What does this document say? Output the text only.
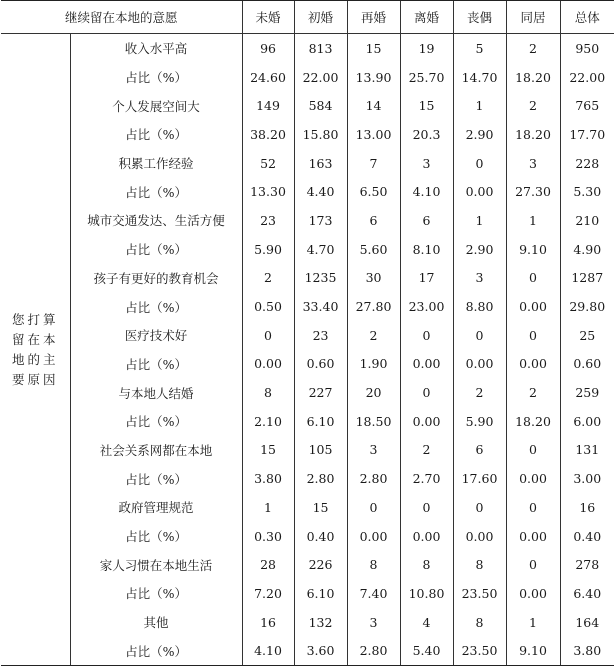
继续留在本地的意愿		未婚	初婚	再婚	离婚	丧偶	同居	总体
您打算留在本地的主要原因	收入水平高	96	813	15	19	5	2	950
	占比（%）	24.60	22.00	13.90	25.70	14.70	18.20	22.00
	个人发展空间大	149	584	14	15	1	2	765
	占比（%）	38.20	15.80	13.00	20.3	2.90	18.20	17.70
	积累工作经验	52	163	7	3	0	3	228
	占比（%）	13.30	4.40	6.50	4.10	0.00	27.30	5.30
	城市交通发达、生活方便	23	173	6	6	1	1	210
	占比（%）	5.90	4.70	5.60	8.10	2.90	9.10	4.90
	孩子有更好的教育机会	2	1235	30	17	3	0	1287
	占比（%）	0.50	33.40	27.80	23.00	8.80	0.00	29.80
	医疗技术好	0	23	2	0	0	0	25
	占比（%）	0.00	0.60	1.90	0.00	0.00	0.00	0.60
	与本地人结婚	8	227	20	0	2	2	259
	占比（%）	2.10	6.10	18.50	0.00	5.90	18.20	6.00
	社会关系网都在本地	15	105	3	2	6	0	131
	占比（%）	3.80	2.80	2.80	2.70	17.60	0.00	3.00
	政府管理规范	1	15	0	0	0	0	16
	占比（%）	0.30	0.40	0.00	0.00	0.00	0.00	0.40
	家人习惯在本地生活	28	226	8	8	8	0	278
	占比（%）	7.20	6.10	7.40	10.80	23.50	0.00	6.40
	其他	16	132	3	4	8	1	164
	占比（%）	4.10	3.60	2.80	5.40	23.50	9.10	3.80
